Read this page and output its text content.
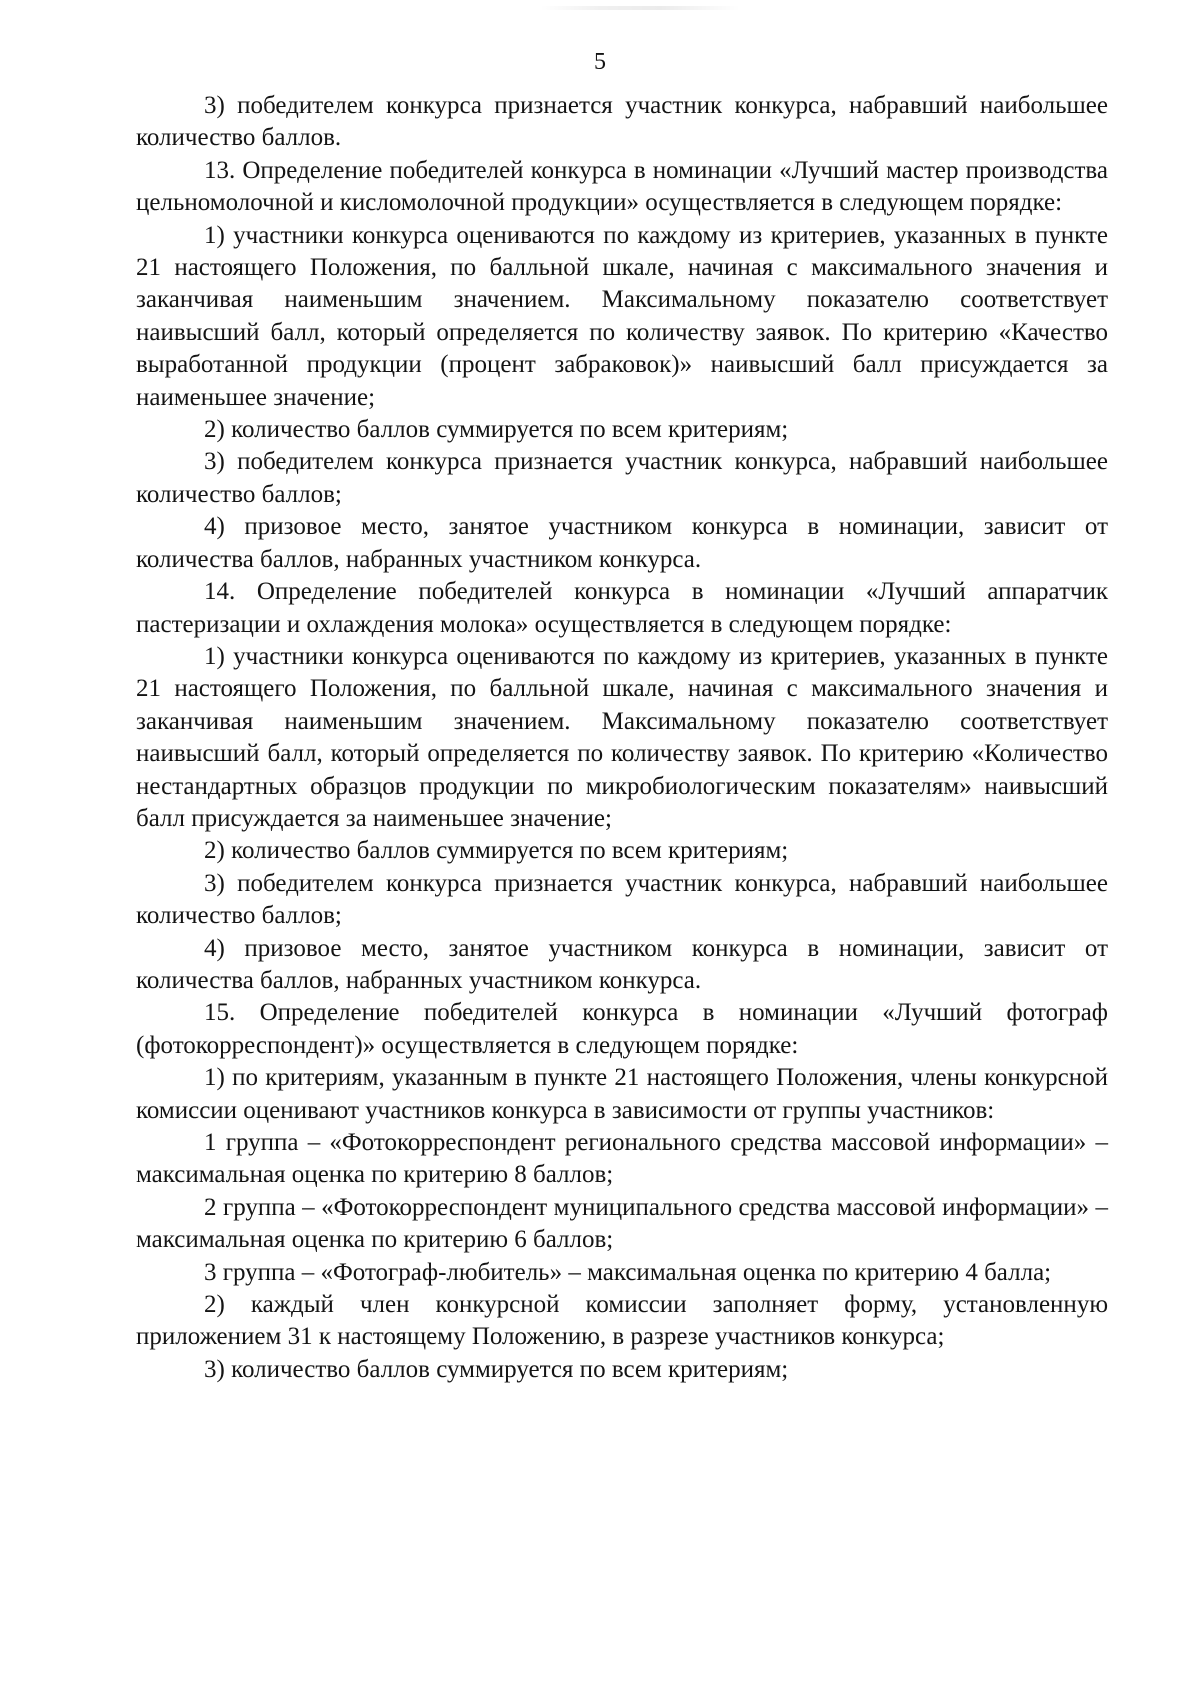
5

3) победителем конкурса признается участник конкурса, набравший наибольшее количество баллов.

13. Определение победителей конкурса в номинации «Лучший мастер производства цельномолочной и кисломолочной продукции» осуществляется в следующем порядке:

1) участники конкурса оцениваются по каждому из критериев, указанных в пункте 21 настоящего Положения, по балльной шкале, начиная с максимального значения и заканчивая наименьшим значением. Максимальному показателю соответствует наивысший балл, который определяется по количеству заявок. По критерию «Качество выработанной продукции (процент забраковок)» наивысший балл присуждается за наименьшее значение;

2) количество баллов суммируется по всем критериям;

3) победителем конкурса признается участник конкурса, набравший наибольшее количество баллов;

4) призовое место, занятое участником конкурса в номинации, зависит от количества баллов, набранных участником конкурса.

14. Определение победителей конкурса в номинации «Лучший аппаратчик пастеризации и охлаждения молока» осуществляется в следующем порядке:

1) участники конкурса оцениваются по каждому из критериев, указанных в пункте 21 настоящего Положения, по балльной шкале, начиная с максимального значения и заканчивая наименьшим значением. Максимальному показателю соответствует наивысший балл, который определяется по количеству заявок. По критерию «Количество нестандартных образцов продукции по микробиологическим показателям» наивысший балл присуждается за наименьшее значение;

2) количество баллов суммируется по всем критериям;

3) победителем конкурса признается участник конкурса, набравший наибольшее количество баллов;

4) призовое место, занятое участником конкурса в номинации, зависит от количества баллов, набранных участником конкурса.

15. Определение победителей конкурса в номинации «Лучший фотограф (фотокорреспондент)» осуществляется в следующем порядке:

1) по критериям, указанным в пункте 21 настоящего Положения, члены конкурсной комиссии оценивают участников конкурса в зависимости от группы участников:

1 группа – «Фотокорреспондент регионального средства массовой информации» – максимальная оценка по критерию 8 баллов;

2 группа – «Фотокорреспондент муниципального средства массовой информации» – максимальная оценка по критерию 6 баллов;

3 группа – «Фотограф-любитель» – максимальная оценка по критерию 4 балла;

2) каждый член конкурсной комиссии заполняет форму, установленную приложением 31 к настоящему Положению, в разрезе участников конкурса;

3) количество баллов суммируется по всем критериям;
